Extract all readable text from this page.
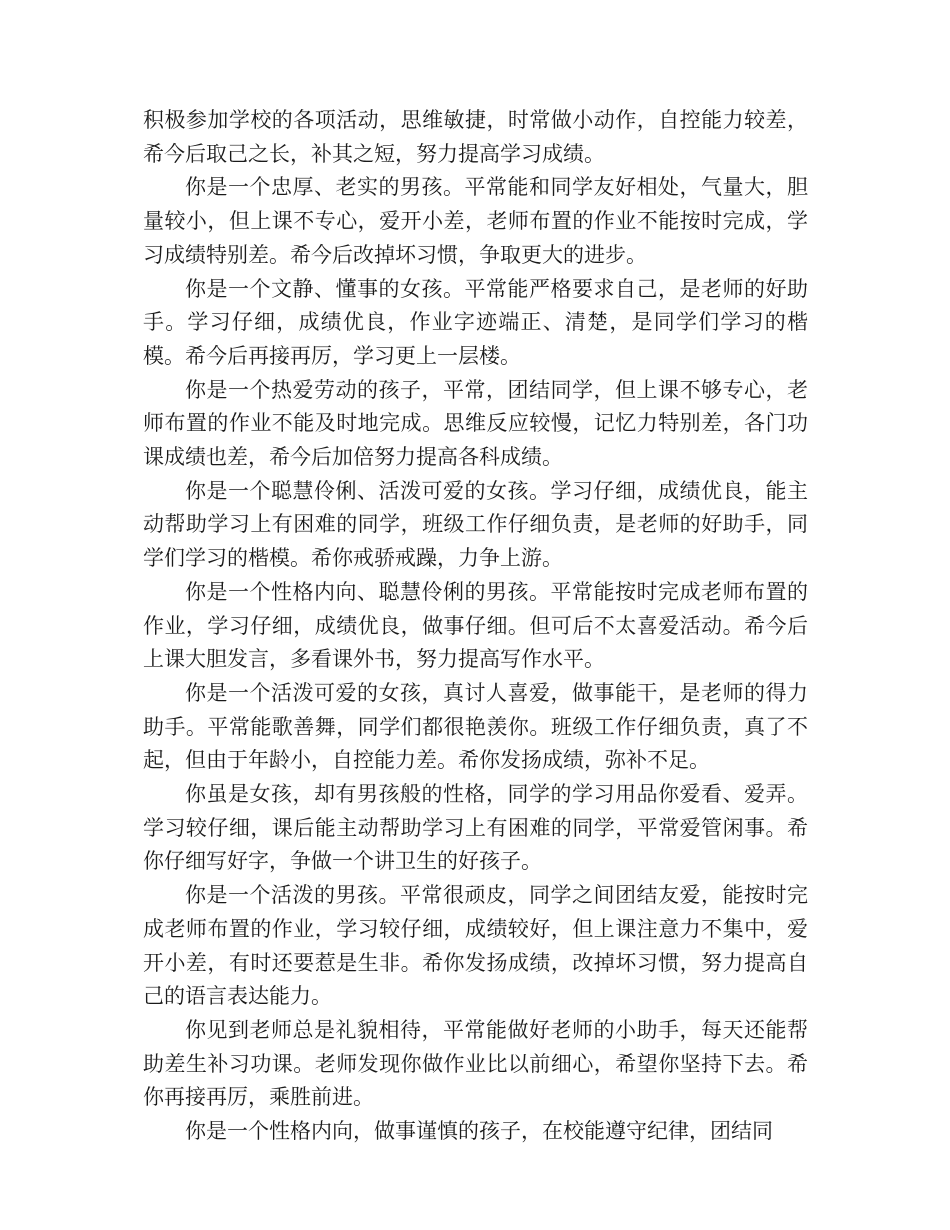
积极参加学校的各项活动，思维敏捷，时常做小动作，自控能力较差，希今后取己之长，补其之短，努力提高学习成绩。

你是一个忠厚、老实的男孩。平常能和同学友好相处，气量大，胆量较小，但上课不专心，爱开小差，老师布置的作业不能按时完成，学习成绩特别差。希今后改掉坏习惯，争取更大的进步。

你是一个文静、懂事的女孩。平常能严格要求自己，是老师的好助手。学习仔细，成绩优良，作业字迹端正、清楚，是同学们学习的楷模。希今后再接再厉，学习更上一层楼。

你是一个热爱劳动的孩子，平常，团结同学，但上课不够专心，老师布置的作业不能及时地完成。思维反应较慢，记忆力特别差，各门功课成绩也差，希今后加倍努力提高各科成绩。

你是一个聪慧伶俐、活泼可爱的女孩。学习仔细，成绩优良，能主动帮助学习上有困难的同学，班级工作仔细负责，是老师的好助手，同学们学习的楷模。希你戒骄戒躁，力争上游。

你是一个性格内向、聪慧伶俐的男孩。平常能按时完成老师布置的作业，学习仔细，成绩优良，做事仔细。但可后不太喜爱活动。希今后上课大胆发言，多看课外书，努力提高写作水平。

你是一个活泼可爱的女孩，真讨人喜爱，做事能干，是老师的得力助手。平常能歌善舞，同学们都很艳羡你。班级工作仔细负责，真了不起，但由于年龄小，自控能力差。希你发扬成绩，弥补不足。

你虽是女孩，却有男孩般的性格，同学的学习用品你爱看、爱弄。学习较仔细，课后能主动帮助学习上有困难的同学，平常爱管闲事。希你仔细写好字，争做一个讲卫生的好孩子。

你是一个活泼的男孩。平常很顽皮，同学之间团结友爱，能按时完成老师布置的作业，学习较仔细，成绩较好，但上课注意力不集中，爱开小差，有时还要惹是生非。希你发扬成绩，改掉坏习惯，努力提高自己的语言表达能力。

你见到老师总是礼貌相待，平常能做好老师的小助手，每天还能帮助差生补习功课。老师发现你做作业比以前细心，希望你坚持下去。希你再接再厉，乘胜前进。

你是一个性格内向，做事谨慎的孩子，在校能遵守纪律，团结同
